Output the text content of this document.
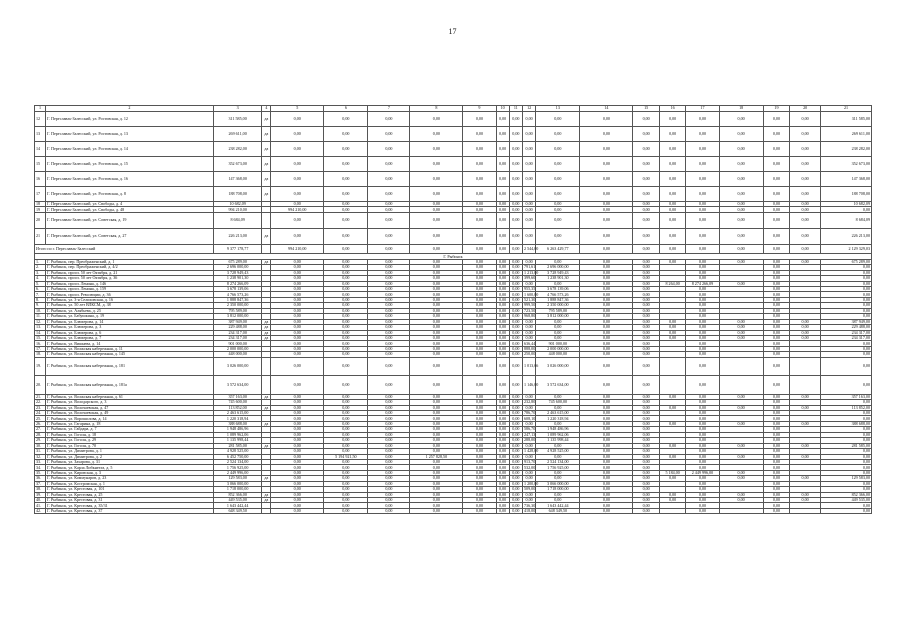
17
1	2	3	4	5	6	7	8	9	10	11	12	13	14	15	16	17	18	19	20	21
12	Г. Переславль-Залесский, ул. Ростовская, д. 12	311 585,00	да	0,00	0,00	0,00	0,00	0,00	0,00	0,00	0,00	0,00	0,00	0,00	0,00	0,00	0,00	0,00	0,00	311 585,00
13	Г. Переславль-Залесский, ул. Ростовская, д. 13	269 611,00	да	0,00	0,00	0,00	0,00	0,00	0,00	0,00	0,00	0,00	0,00	0,00	0,00	0,00	0,00	0,00	0,00	269 611,00
14	Г. Переславль-Залесский, ул. Ростовская, д. 14	238 282,00	да	0,00	0,00	0,00	0,00	0,00	0,00	0,00	0,00	0,00	0,00	0,00	0,00	0,00	0,00	0,00	0,00	238 282,00
15	Г. Переславль-Залесский, ул. Ростовская, д. 15	352 673,00	да	0,00	0,00	0,00	0,00	0,00	0,00	0,00	0,00	0,00	0,00	0,00	0,00	0,00	0,00	0,00	0,00	352 673,00
16	Г. Переславль-Залесский, ул. Ростовская, д. 16	147 368,00	да	0,00	0,00	0,00	0,00	0,00	0,00	0,00	0,00	0,00	0,00	0,00	0,00	0,00	0,00	0,00	0,00	147 368,00
17	Г. Переславль-Залесский, ул. Ростовская, д. 8	188 708,00	да	0,00	0,00	0,00	0,00	0,00	0,00	0,00	0,00	0,00	0,00	0,00	0,00	0,00	0,00	0,00	0,00	188 708,00
18	Г. Переславль-Залесский, ул. Свободы, д. 4	10 682,09		0,00	0,00	0,00	0,00	0,00	0,00	0,00	0,00	0,00	0,00	0,00	0,00	0,00	0,00	0,00	0,00	10 682,09
19	Г. Переславль-Залесский, ул. Свободы, д. 48	994 210,00		994 210,00	0,00	0,00	0,00	0,00	0,00	0,00	0,00	0,00	0,00	0,00	0,00	0,00	0,00	0,00	0,00	0,00
20	Г. Переславль-Залесский, ул. Советская, д. 19	8 684,09		0,00	0,00	0,00	0,00	0,00	0,00	0,00	0,00	0,00	0,00	0,00	0,00	0,00	0,00	0,00	0,00	8 684,09
21	Г. Переславль-Залесский, ул. Советская, д. 27	226 213,00	да	0,00	0,00	0,00	0,00	0,00	0,00	0,00	0,00	0,00	0,00	0,00	0,00	0,00	0,00	0,00	0,00	226 213,00
Итого по г. Переславль-Залесский		9 377 178,77		994 210,00	0,00	0,00	0,00	0,00	0,00	0,00	2 544,00	6 263 429,77	0,00	0,00	0,00	0,00	0,00	0,00	0,00	2 129 329,03
Г. Рыбинск																				
1.	Г. Рыбинск, пер. Преображенский, д. 1	675 289,00	да	0,00	0,00	0,00	0,00	0,00	0,00	0,00	0,00	0,00	0,00	0,00	0,00	0,00	0,00	0,00	0,00	675 289,00
2.	Г. Рыбинск, пер. Преображенский, д. 4/2	2 696 000,00		0,00	0,00	0,00	0,00	0,00	0,00	0,00	791,61	2 696 000,00	0,00	0,00		0,00		0,00		0,00
3.	Г. Рыбинск, просп. 50 лет Октября, д. 21	3 728 949,43		0,00	0,00	0,00	0,00	0,00	0,00	0,00	1 213,00	3 728 949,43	0,00	0,00		0,00		0,00		0,00
4.	Г. Рыбинск, просп. 50 лет Октября, д. 36	1 238 901,30		0,00	0,00	0,00	0,00	0,00	0,00	0,00	399,60	1 238 901,30	0,00	0,00		0,00		0,00		0,00
5.	Г. Рыбинск, просп. Ленина, д. 146	8 274 266,09		0,00	0,00	0,00	0,00	0,00	0,00	0,00	0,00	0,00	0,00	0,00	8 264,00	8 274 266,09	0,00	0,00		0,00
6.	Г. Рыбинск, просп. Ленина, д. 159	3 678 139,06		0,00	0,00	0,00	0,00	0,00	0,00	0,00	955,35	3 678 139,06	0,00	0,00		0,00		0,00		0,00
7.	Г. Рыбинск, просп. Революции, д. 36	4 766 573,26		0,00	0,00	0,00	0,00	0,00	0,00	0,00	1 600,00	4 766 573,26	0,00	0,00		0,00		0,00		0,00
8.	Г. Рыбинск, ул. 3-я Селиховская, д. 16	1 888 847,36		0,00	0,00	0,00	0,00	0,00	0,00	0,00	521,30	1 888 847,36	0,00	0,00		0,00		0,00		0,00
9.	Г. Рыбинск, ул. 50 лет ВЛКСМ, д. 38	2 350 000,00		0,00	0,00	0,00	0,00	0,00	0,00	0,00	999,50	2 350 000,00	0,00	0,00		0,00		0,00		0,00
10.	Г. Рыбинск, ул. Алябьева, д. 25	795 589,00		0,00	0,00	0,00	0,00	0,00	0,00	0,00	723,50	795 589,00	0,00	0,00		0,00		0,00		0,00
11.	Г. Рыбинск, ул. Бабушкина, д. 19	3 812 000,00		0,00	0,00	0,00	0,00	0,00	0,00	0,00	968,80	3 812 000,00	0,00	0,00		0,00		0,00		0,00
12.	Г. Рыбинск, ул. Блюхерова, д. 14	387 949,00	да	0,00	0,00	0,00	0,00	0,00	0,00	0,00	0,00	0,00	0,00	0,00	0,00	0,00	0,00	0,00	0,00	387 949,00
13.	Г. Рыбинск, ул. Блюхерова, д. 3	229 488,00	да	0,00	0,00	0,00	0,00	0,00	0,00	0,00	0,00	0,00	0,00	0,00	0,00	0,00	0,00	0,00	0,00	229 488,00
14.	Г. Рыбинск, ул. Блюхерова, д. 6	234 317,00	да	0,00	0,00	0,00	0,00	0,00	0,00	0,00	0,00	0,00	0,00	0,00	0,00	0,00	0,00	0,00	0,00	234 317,00
15.	Г. Рыбинск, ул. Блюхерова, д. 7	234 317,00	да	0,00	0,00	0,00	0,00	0,00	0,00	0,00	0,00	0,00	0,00	0,00	0,00	0,00	0,00	0,00	0,00	234 317,00
16.	Г. Рыбинск, ул. Вишнева, д. 14	901 000,00		0,00	0,00	0,00	0,00	0,00	0,00	0,00	636,44	901 000,00	0,00	0,00		0,00		0,00		0,00
17.	Г. Рыбинск, ул. Волжская набережная, д. 11	2 000 000,00		0,00	0,00	0,00	0,00	0,00	0,00	0,00	888,00	2 000 000,00	0,00	0,00		0,00		0,00		0,00
18.	Г. Рыбинск, ул. Волжская набережная, д. 145	448 000,00		0,00	0,00	0,00	0,00	0,00	0,00	0,00	250,00	448 000,00	0,00	0,00		0,00		0,00		0,00
19.	Г. Рыбинск, ул. Волжская набережная, д. 181	3 026 000,00		0,00	0,00	0,00	0,00	0,00	0,00	0,00	1 013,66	3 026 000,00	0,00	0,00		0,00		0,00		0,00
20.	Г. Рыбинск, ул. Волжская набережная, д. 181а	3 572 634,00		0,00	0,00	0,00	0,00	0,00	0,00	0,00	1 146,00	3 572 634,00	0,00	0,00		0,00		0,00		0,00
21.	Г. Рыбинск, ул. Волжская набережная, д. 61	357 163,00	да	0,00	0,00	0,00	0,00	0,00	0,00	0,00	0,00	0,00	0,00	0,00	0,00	0,00	0,00	0,00	0,00	357 163,00
22.	Г. Рыбинск, ул. Володарского, д. 3	745 600,00		0,00	0,00	0,00	0,00	0,00	0,00	0,00	232,80	745 600,00	0,00	0,00		0,00		0,00		0,00
23.	Г. Рыбинск, ул. Волочаевская, д. 47	113 852,00	да	0,00	0,00	0,00	0,00	0,00	0,00	0,00	0,00	0,00	0,00	0,00	0,00	0,00	0,00	0,00	0,00	113 852,00
24.	Г. Рыбинск, ул. Волочаевская, д. 49	2 463 615,00		0,00	0,00	0,00	0,00	0,00	0,00	0,00	786,70	2 463 615,00	0,00	0,00		0,00		0,00		0,00
25.	Г. Рыбинск, ул. Ворошилова, д. 14	1 220 318,94		0,00	0,00	0,00	0,00	0,00	0,00	0,00	608,10	1 220 318,94	0,00	0,00		0,00		0,00		0,00
26.	Г. Рыбинск, ул. Гагарина, д. 18	388 688,00	да	0,00	0,00	0,00	0,00	0,00	0,00	0,00	0,00	0,00	0,00	0,00	0,00	0,00	0,00	0,00	0,00	388 688,00
27.	Г. Рыбинск, ул. Гайдара, д. 7	1 948 486,96		0,00	0,00	0,00	0,00	0,00	0,00	0,00	586,70	1 948 486,96	0,00	0,00		0,00		0,00		0,00
28.	Г. Рыбинск, ул. Гоголя, д. 18	1 089 962,06		0,00	0,00	0,00	0,00	0,00	0,00	0,00	247,13	1 089 962,06	0,00	0,00		0,00		0,00		0,00
29.	Г. Рыбинск, ул. Гоголя, д. 29	1 135 998,44		0,00	0,00	0,00	0,00	0,00	0,00	0,00	288,00	1 135 998,44	0,00	0,00		0,00		0,00		0,00
30.	Г. Рыбинск, ул. Гоголя, д. 70	281 585,00	да	0,00	0,00	0,00	0,00	0,00	0,00	0,00	0,00	0,00	0,00	0,00	0,00	0,00	0,00	0,00	0,00	281 585,00
31.	Г. Рыбинск, ул. Димитрова, д. 1	4 928 525,00		0,00	0,00	0,00	0,00	0,00	0,00	0,00	1 428,00	4 928 525,00	0,00	0,00		0,00		0,00		0,00
32.	Г. Рыбинск, ул. Димитрова, д. 2	6 452 750,00		0,00	5 194 921,50	0,00	1 257 828,50	0,00	0,00	0,00	0,00	0,00	0,00	0,00	0,00	0,00	0,00	0,00	0,00	0,00
33.	Г. Рыбинск, ул. Захарова, д. 31	2 524 134,00		0,00	0,00	0,00	0,00	0,00	0,00	0,00	913,70	2 524 134,00	0,00	0,00		0,00		0,00		0,00
34.	Г. Рыбинск, ул. Карла Либкнехта, д. 5	1 756 925,00		0,00	0,00	0,00	0,00	0,00	0,00	0,00	532,00	1 756 925,00	0,00	0,00		0,00		0,00		0,00
35.	Г. Рыбинск, ул. Кировская, д. 3	2 449 996,00		0,00	0,00	0,00	0,00	0,00	0,00	0,00	0,00	0,00	0,00	0,00	5 184,00	2 449 996,00	0,00	0,00		0,00
36.	Г. Рыбинск, ул. Коммунаров, д. 23	129 583,00	да	0,00	0,00	0,00	0,00	0,00	0,00	0,00	0,00	0,00	0,00	0,00	0,00	0,00	0,00	0,00	0,00	129 583,00
37.	Г. Рыбинск, ул. Костромская, д. 1	3 066 000,00		0,00	0,00	0,00	0,00	0,00	0,00	0,00	1 200,00	3 066 000,00	0,00	0,00		0,00		0,00		0,00
38.	Г. Рыбинск, ул. Крестовая, д. 101	1 718 000,00		0,00	0,00	0,00	0,00	0,00	0,00	0,00	509,00	1 718 000,00	0,00	0,00		0,00		0,00		0,00
39.	Г. Рыбинск, ул. Крестовая, д. 25	852 366,00	да	0,00	0,00	0,00	0,00	0,00	0,00	0,00	0,00	0,00	0,00	0,00	0,00	0,00	0,00	0,00	0,00	852 366,00
40.	Г. Рыбинск, ул. Крестовая, д. 31	449 535,00	да	0,00	0,00	0,00	0,00	0,00	0,00	0,00	0,00	0,00	0,00	0,00	0,00	0,00	0,00	0,00	0,00	449 535,00
41.	Г. Рыбинск, ул. Крестовая, д. 35/31	1 643 442,44		0,00	0,00	0,00	0,00	0,00	0,00	0,00	736,30	1 643 442,44	0,00	0,00		0,00		0,00		0,00
42.	Г. Рыбинск, ул. Крестовая, д. 37	648 349,50		0,00	0,00	0,00	0,00	0,00	0,00	0,00	418,00	648 349,50	0,00	0,00		0,00		0,00		0,00
